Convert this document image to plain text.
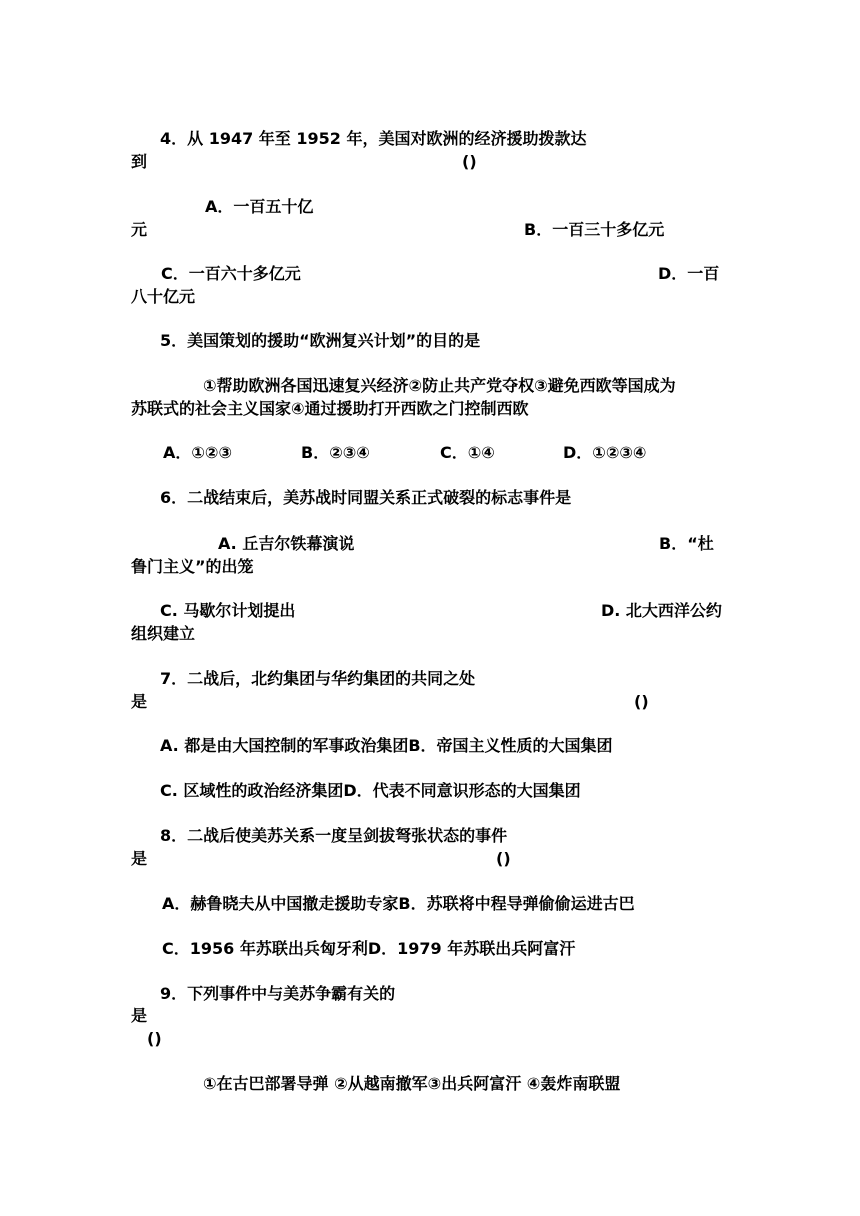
4．从 1947 年至 1952 年，美国对欧洲的经济援助拨款达
到	()
A．一百五十亿
元	B．一百三十多亿元
C．一百六十多亿元	D．一百
八十亿元
5．美国策划的援助“欧洲复兴计划”的目的是
①帮助欧洲各国迅速复兴经济②防止共产党夺权③避免西欧等国成为
苏联式的社会主义国家④通过援助打开西欧之门控制西欧
A．①②③	B．②③④	C．①④	D．①②③④
6．二战结束后，美苏战时同盟关系正式破裂的标志事件是
A. 丘吉尔铁幕演说	B．“杜
鲁门主义”的出笼
C. 马歇尔计划提出	D. 北大西洋公约
组织建立
7．二战后，北约集团与华约集团的共同之处
是	()
A. 都是由大国控制的军事政治集团B．帝国主义性质的大国集团
C. 区域性的政治经济集团D．代表不同意识形态的大国集团
8．二战后使美苏关系一度呈剑拔弩张状态的事件
是	()
A．赫鲁晓夫从中国撤走援助专家B．苏联将中程导弹偷偷运进古巴
C．1956 年苏联出兵匈牙利D．1979 年苏联出兵阿富汗
9．下列事件中与美苏争霸有关的
是
()
①在古巴部署导弹 ②从越南撤军③出兵阿富汗 ④轰炸南联盟
